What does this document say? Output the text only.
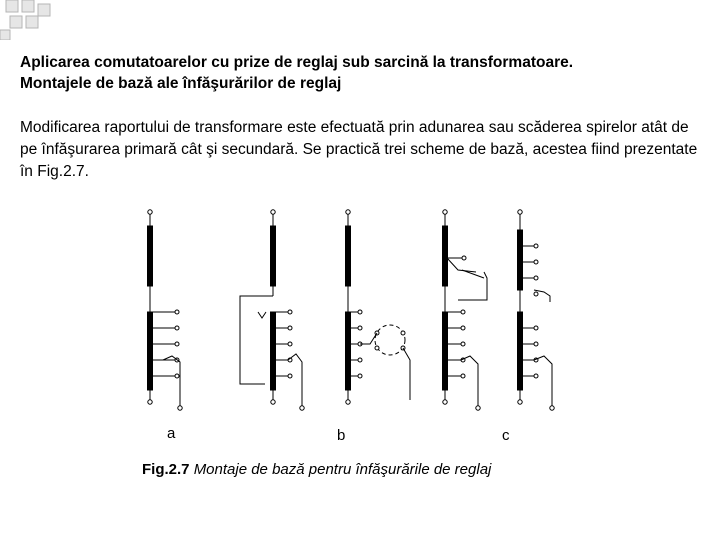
Aplicarea comutatoarelor cu prize de reglaj sub sarcină la transformatoare.
Montajele de bază ale înfăşurărilor de reglaj
Modificarea raportului de transformare este efectuată prin adunarea sau scăderea spirelor atât de pe înfăşurarea primară cât şi secundară. Se practică trei scheme de bază, acestea fiind prezentate în Fig.2.7.
a	b	c
Fig.2.7 Montaje de bază pentru înfăşurările de reglaj
